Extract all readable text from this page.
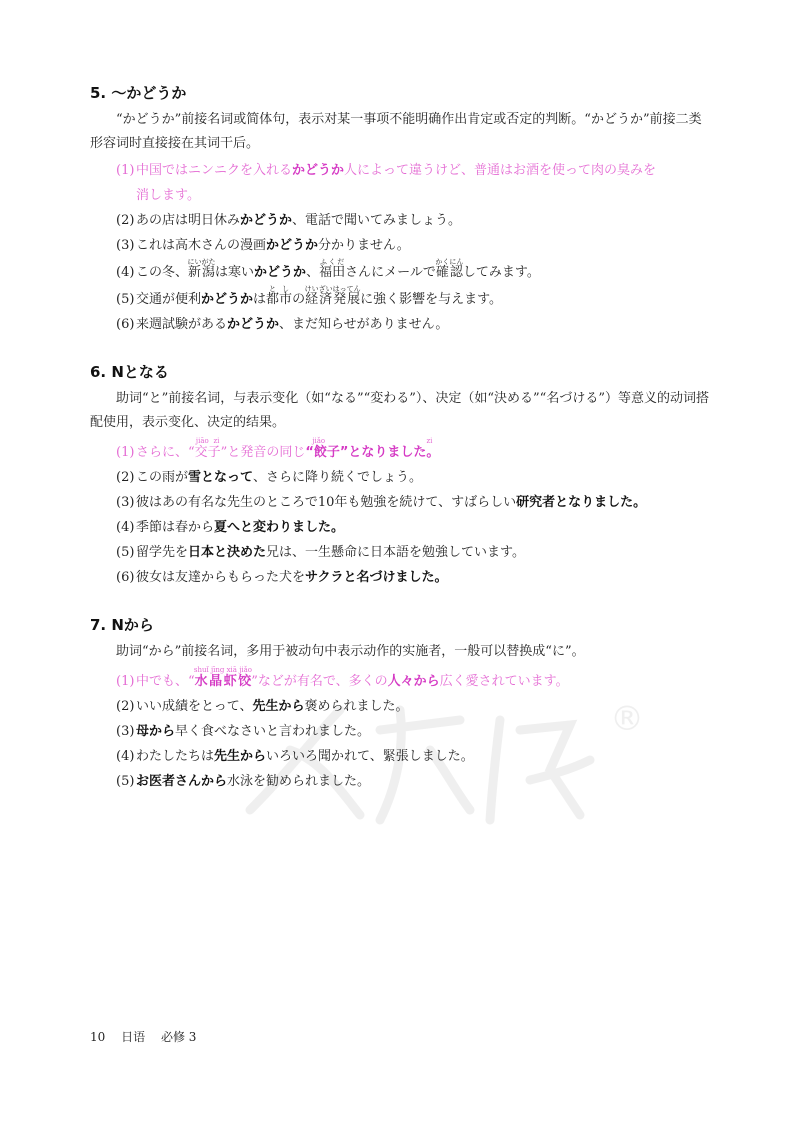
®
5. ～かどうか
“かどうか”前接名词或简体句，表示对某一事项不能明确作出肯定或否定的判断。“かどうか”前接二类形容词时直接接在其词干后。
(1) 中国ではニンニクを入れるかどうか人によって違うけど、普通はお酒を使って肉の臭みを
消します。
(2) あの店は明日休みかどうか、電話で聞いてみましょう。
(3) これは高木さんの漫画かどうか分かりません。
(4) この冬、新潟にいがたは寒いかどうか、福田ふくださんにメールで確認かくにんしてみます。
(5) 交通が便利かどうかは都市としの経済発展けいざいはってんに強く影響を与えます。
(6) 来週試験があるかどうか、まだ知らせがありません。
6. Nとなる
助词“と”前接名词，与表示变化（如“なる”“変わる”）、决定（如“決める”“名づける”）等意义的动词搭配使用，表示变化、决定的结果。
(1) さらに、“交子jiāo zi”と発音の同じ“餃子”となりました。jiǎo zi
(2) この雨が雪となって、さらに降り続くでしょう。
(3) 彼はあの有名な先生のところで10年も勉強を続けて、すばらしい研究者となりました。
(4) 季節は春から夏へと変わりました。
(5) 留学先を日本と決めた兄は、一生懸命に日本語を勉強しています。
(6) 彼女は友達からもらった犬をサクラと名づけました。
7. Nから
助词“から”前接名词，多用于被动句中表示动作的实施者，一般可以替换成“に”。
(1) 中でも、“水晶虾饺shuǐ jīng xiā jiǎo”などが有名で、多くの人々から広く愛されています。
(2) いい成績をとって、先生から褒められました。
(3) 母から早く食べなさいと言われました。
(4) わたしたちは先生からいろいろ聞かれて、緊張しました。
(5) お医者さんから水泳を勧められました。
10 日语 必修 3
